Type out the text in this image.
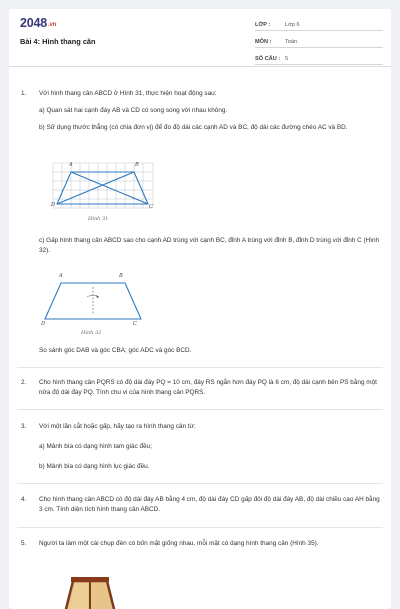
2048.vn
Bài 4: Hình thang cân
LỚP :	Lớp 6
MÔN : Toán
SỐ CÂU : 5
1. Với hình thang cân ABCD ở Hình 31, thực hiện hoạt động sau:
a) Quan sát hai cạnh đáy AB và CD có song song với nhau không.
b) Sử dụng thước thẳng (có chia đơn vị) để đo độ dài các cạnh AD và BC, độ dài các đường chéo AC và BD.
A	B
C
D
Hình 31
c) Gấp hình thang cân ABCD sao cho cạnh AD trùng với cạnh BC, đỉnh A trùng với đỉnh B, đỉnh D trùng với đỉnh C (Hình 32).
A	B
C
D
Hình 32
So sánh góc DAB và góc CBA; góc ADC và góc BCD.
2. Cho hình thang cân PQRS có độ dài đáy PQ = 10 cm, đáy RS ngắn hơn đáy PQ là 6 cm, độ dài cạnh bên PS bằng một nửa độ dài đáy PQ. Tính chu vi của hình thang cân PQRS.
3. Với một lần cắt hoặc gấp, hãy tạo ra hình thang cân từ:
a) Mảnh bìa có dạng hình tam giác đều;
b) Mảnh bìa có dạng hình lục giác đều.
4. Cho hình thang cân ABCD có độ dài đáy AB bằng 4 cm, độ dài đáy CD gấp đôi độ dài đáy AB, độ dài chiều cao AH bằng 3 cm. Tính diện tích hình thang cân ABCD.
5. Người ta làm một cái chụp đèn có bốn mặt giống nhau, mỗi mặt có dạng hình thang cân (Hình 35).
